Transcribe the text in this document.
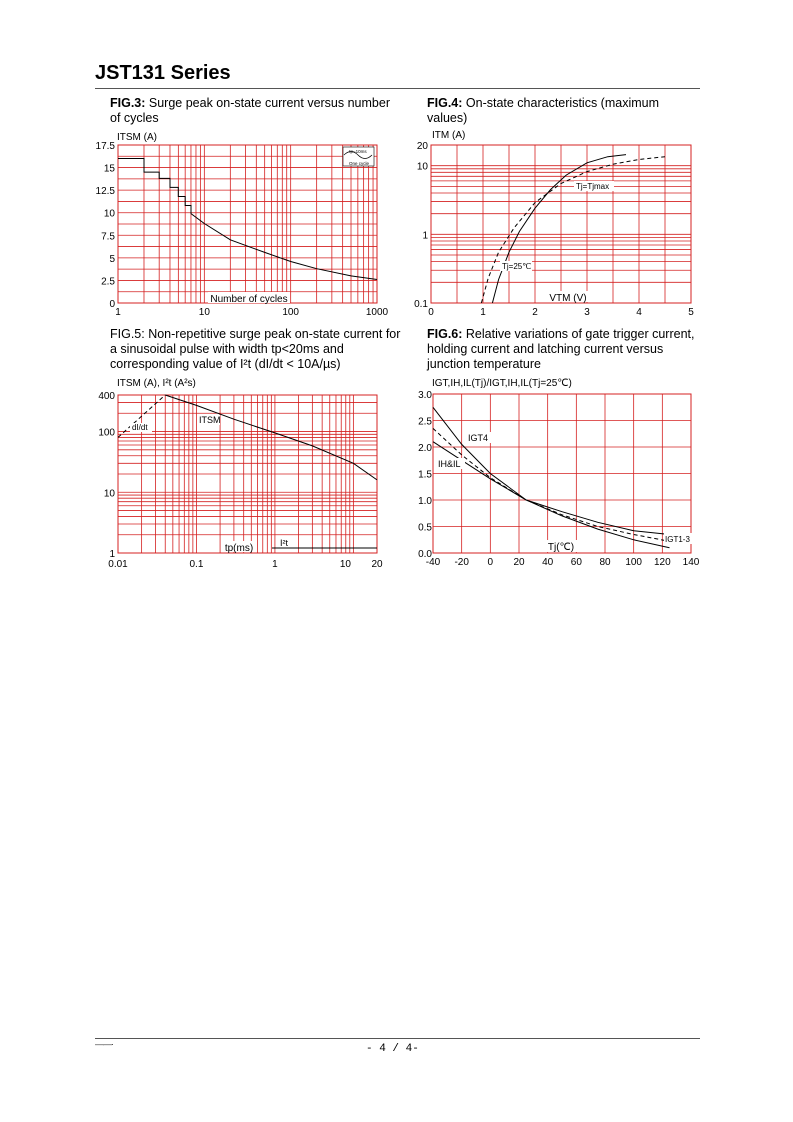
JST131 Series
FIG.3: Surge peak on-state current versus number of cycles
FIG.4: On-state characteristics (maximum values)
FIG.5: Non-repetitive surge peak on-state current for a sinusoidal pulse with width tp<20ms and corresponding value of I²t (dI/dt < 10A/µs)
FIG.6: Relative variations of gate trigger current, holding current and latching current versus junction temperature
1	10	100	1000
17.5
15
12.5
10
7.5
5
2.5
0
ITSM (A)
Number of cycles
tp=10ms
One cycle
0	1	2	3	4	5
20
10
1
0.1
ITM (A)
VTM (V)
Tj=Tjmax
Tj=25℃
0.01	0.1	1	10 20
400
100
10
1
ITSM (A), I²t (A²s)
tp(ms)
dI/dt
ITSM
I²t
-40 -20 0 20 40 60 80 100 120 140
3.0
2.5
2.0
1.5
1.0
0.5
0.0
IGT,IH,IL(Tj)/IGT,IH,IL(Tj=25℃)
Tj(℃)
IGT4
IH&IL
IGT1-3
——·	- 4 / 4-
